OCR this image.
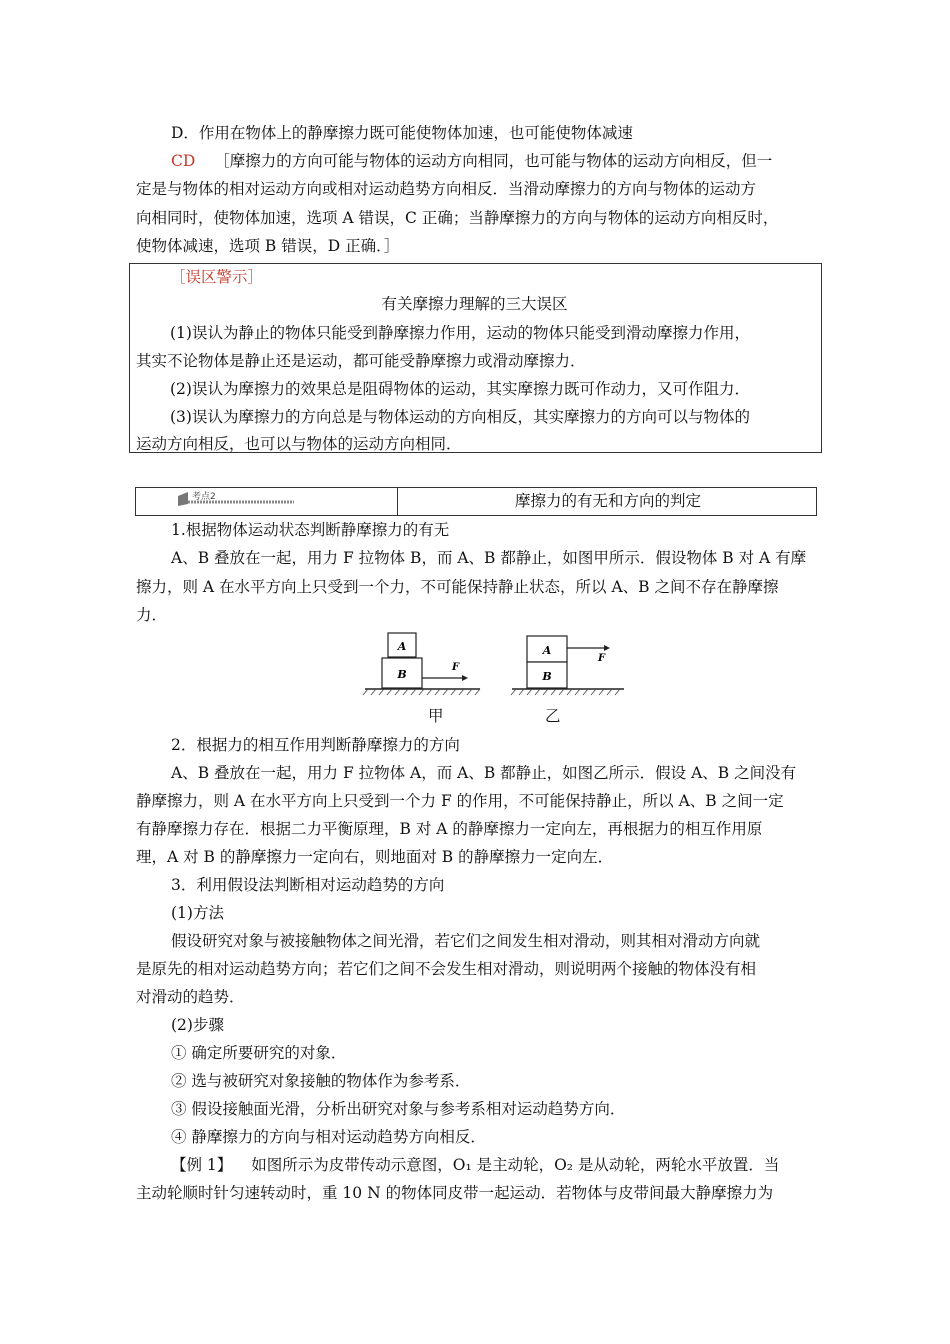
D．作用在物体上的静摩擦力既可能使物体加速，也可能使物体减速
CD ［摩擦力的方向可能与物体的运动方向相同，也可能与物体的运动方向相反，但一
定是与物体的相对运动方向或相对运动趋势方向相反．当滑动摩擦力的方向与物体的运动方
向相同时，使物体加速，选项 A 错误，C 正确；当静摩擦力的方向与物体的运动方向相反时，
使物体减速，选项 B 错误，D 正确．］
［误区警示］
有关摩擦力理解的三大误区
(1)误认为静止的物体只能受到静摩擦力作用，运动的物体只能受到滑动摩擦力作用，
其实不论物体是静止还是运动，都可能受静摩擦力或滑动摩擦力．
(2)误认为摩擦力的效果总是阻碍物体的运动，其实摩擦力既可作动力，又可作阻力．
(3)误认为摩擦力的方向总是与物体运动的方向相反，其实摩擦力的方向可以与物体的
运动方向相反，也可以与物体的运动方向相同．
考点2	摩擦力的有无和方向的判定
1.根据物体运动状态判断静摩擦力的有无
A、B 叠放在一起，用力 F 拉物体 B，而 A、B 都静止，如图甲所示．假设物体 B 对 A 有摩
擦力，则 A 在水平方向上只受到一个力，不可能保持静止状态，所以 A、B 之间不存在静摩擦
力．
A
B
F
A
B
F
甲	乙
2．根据力的相互作用判断静摩擦力的方向
A、B 叠放在一起，用力 F 拉物体 A，而 A、B 都静止，如图乙所示．假设 A、B 之间没有
静摩擦力，则 A 在水平方向上只受到一个力 F 的作用，不可能保持静止，所以 A、B 之间一定
有静摩擦力存在．根据二力平衡原理，B 对 A 的静摩擦力一定向左，再根据力的相互作用原
理，A 对 B 的静摩擦力一定向右，则地面对 B 的静摩擦力一定向左．
3．利用假设法判断相对运动趋势的方向
(1)方法
假设研究对象与被接触物体之间光滑，若它们之间发生相对滑动，则其相对滑动方向就
是原先的相对运动趋势方向；若它们之间不会发生相对滑动，则说明两个接触的物体没有相
对滑动的趋势．
(2)步骤
① 确定所要研究的对象．
② 选与被研究对象接触的物体作为参考系．
③ 假设接触面光滑，分析出研究对象与参考系相对运动趋势方向．
④ 静摩擦力的方向与相对运动趋势方向相反．
【例 1】 如图所示为皮带传动示意图，O₁ 是主动轮，O₂ 是从动轮，两轮水平放置．当
主动轮顺时针匀速转动时，重 10 N 的物体同皮带一起运动．若物体与皮带间最大静摩擦力为
